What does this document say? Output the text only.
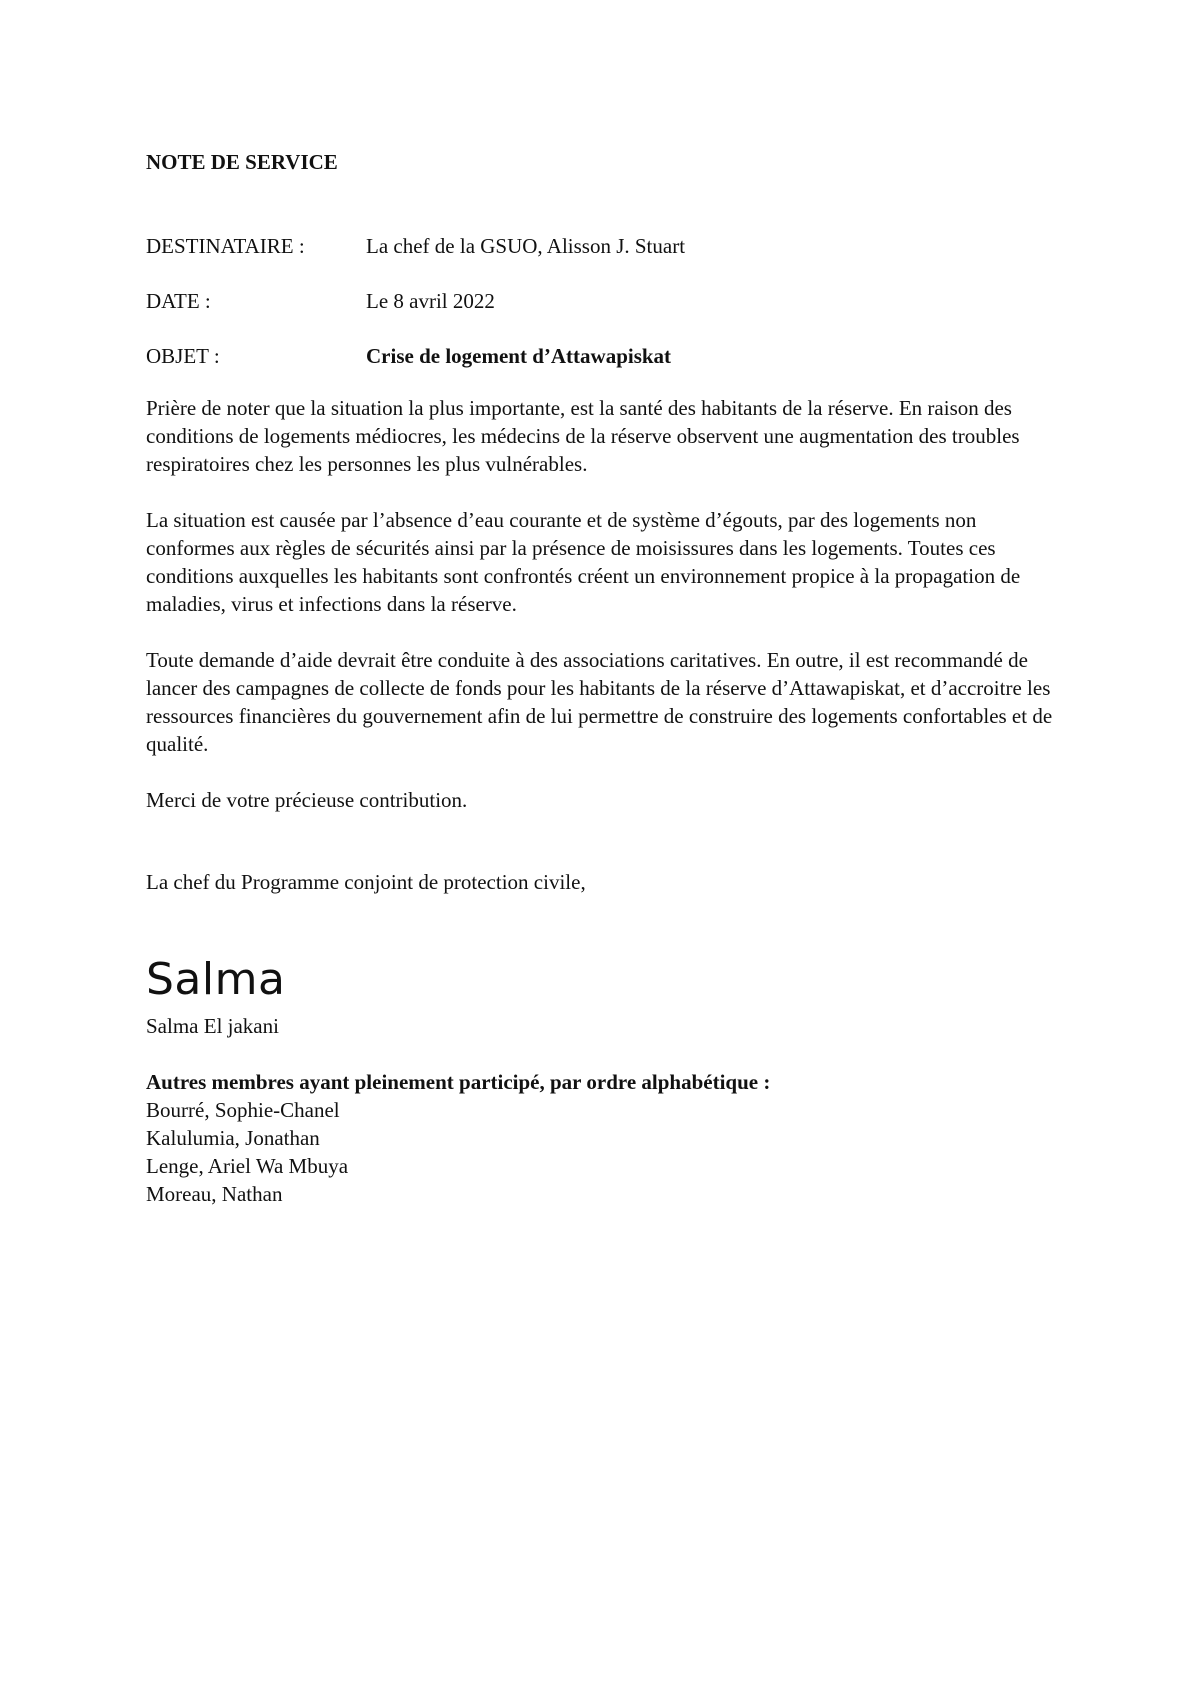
NOTE DE SERVICE
DESTINATAIRE :	La chef de la GSUO, Alisson J. Stuart
DATE :	Le 8 avril 2022
OBJET :	Crise de logement d’Attawapiskat

Prière de noter que la situation la plus importante, est la santé des habitants de la réserve. En raison des conditions de logements médiocres, les médecins de la réserve observent une augmentation des troubles respiratoires chez les personnes les plus vulnérables.

La situation est causée par l’absence d’eau courante et de système d’égouts, par des logements non conformes aux règles de sécurités ainsi par la présence de moisissures dans les logements. Toutes ces conditions auxquelles les habitants sont confrontés créent un environnement propice à la propagation de maladies, virus et infections dans la réserve.

Toute demande d’aide devrait être conduite à des associations caritatives. En outre, il est recommandé de lancer des campagnes de collecte de fonds pour les habitants de la réserve d’Attawapiskat, et d’accroitre les ressources financières du gouvernement afin de lui permettre de construire des logements confortables et de qualité.

Merci de votre précieuse contribution.

La chef du Programme conjoint de protection civile,

Salma
Salma El jakani
Autres membres ayant pleinement participé, par ordre alphabétique :
Bourré, Sophie-Chanel
Kalulumia, Jonathan
Lenge, Ariel Wa Mbuya
Moreau, Nathan
